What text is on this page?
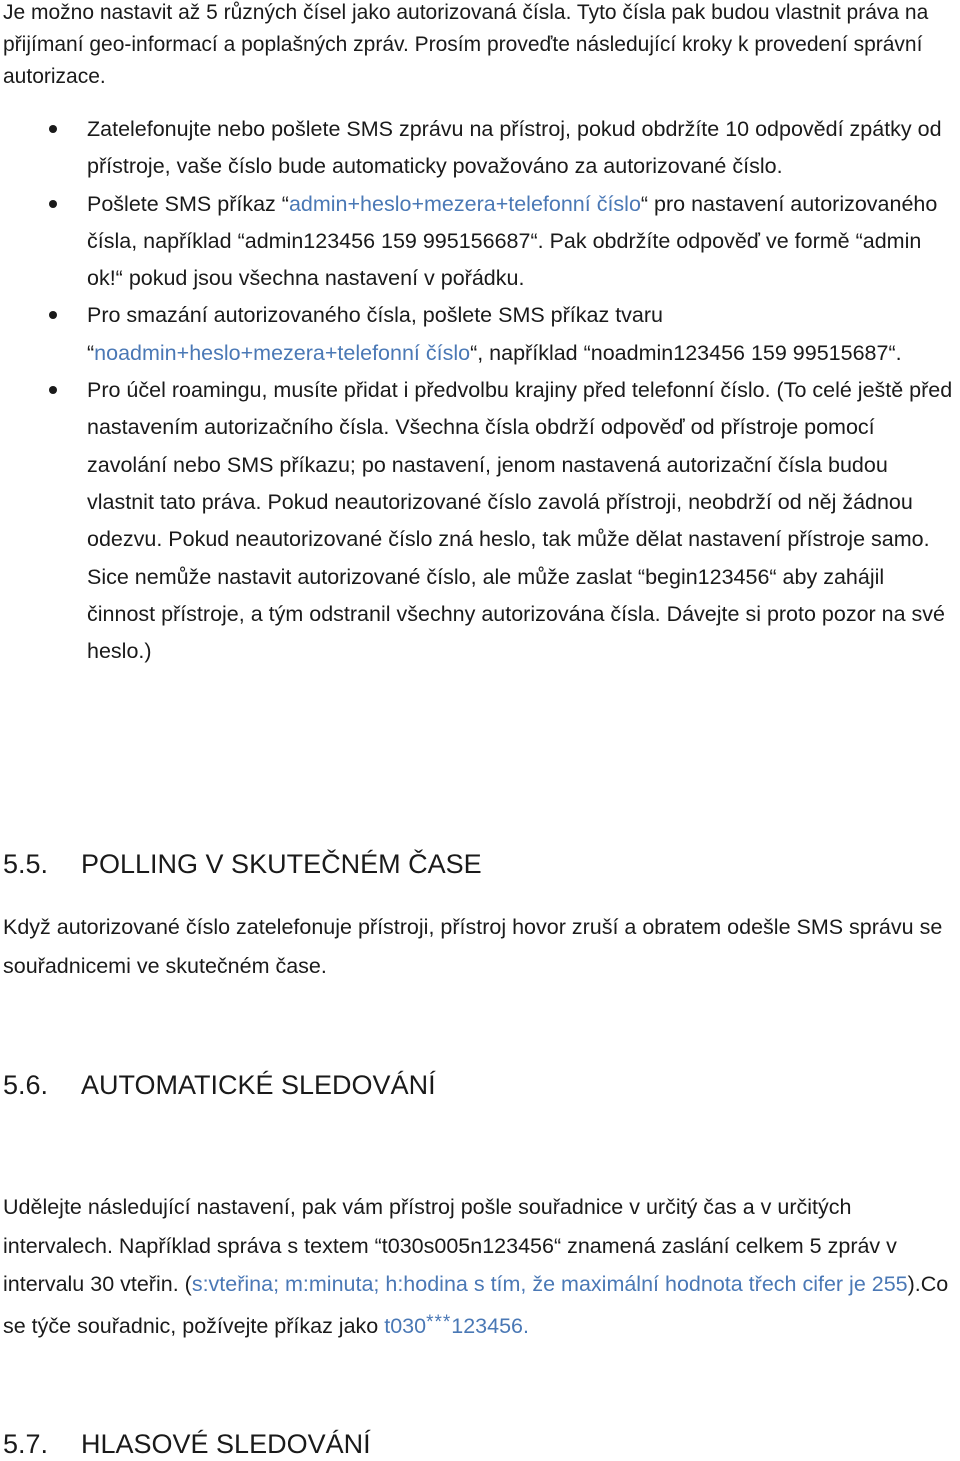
Je možno nastavit až 5 různých čísel jako autorizovaná čísla. Tyto čísla pak budou vlastnit práva na přijímaní geo-informací a poplašných zpráv. Prosím proveďte následující kroky k provedení správní autorizace.

Zatelefonujte nebo pošlete SMS zprávu na přístroj, pokud obdržíte 10 odpovědí zpátky od přístroje, vaše číslo bude automaticky považováno za autorizované číslo.
Pošlete SMS příkaz “admin+heslo+mezera+telefonní číslo“ pro nastavení autorizovaného čísla, například “admin123456 159 995156687“. Pak obdržíte odpověď ve formě “admin ok!“ pokud jsou všechna nastavení v pořádku.
Pro smazání autorizovaného čísla, pošlete SMS příkaz tvaru “noadmin+heslo+mezera+telefonní číslo“, například “noadmin123456 159 99515687“.
Pro účel roamingu, musíte přidat i předvolbu krajiny před telefonní číslo. (To celé ještě před nastavením autorizačního čísla. Všechna čísla obdrží odpověď od přístroje pomocí zavolání nebo SMS příkazu; po nastavení, jenom nastavená autorizační čísla budou vlastnit tato práva. Pokud neautorizované číslo zavolá přístroji, neobdrží od něj žádnou odezvu. Pokud neautorizované číslo zná heslo, tak může dělat nastavení přístroje samo. Sice nemůže nastavit autorizované číslo, ale může zaslat “begin123456“ aby zahájil činnost přístroje, a tým odstranil všechny autorizována čísla. Dávejte si proto pozor na své heslo.)
5.5. POLLING V SKUTEČNÉM ČASE

Když autorizované číslo zatelefonuje přístroji, přístroj hovor zruší a obratem odešle SMS správu se souřadnicemi ve skutečném čase.

5.6. AUTOMATICKÉ SLEDOVÁNÍ

Udělejte následující nastavení, pak vám přístroj pošle souřadnice v určitý čas a v určitých intervalech. Například správa s textem “t030s005n123456“ znamená zaslání celkem 5 zpráv v intervalu 30 vteřin. (s:vteřina; m:minuta; h:hodina s tím, že maximální hodnota třech cifer je 255).Co se týče souřadnic, požívejte příkaz jako t030***123456.

5.7. HLASOVÉ SLEDOVÁNÍ
